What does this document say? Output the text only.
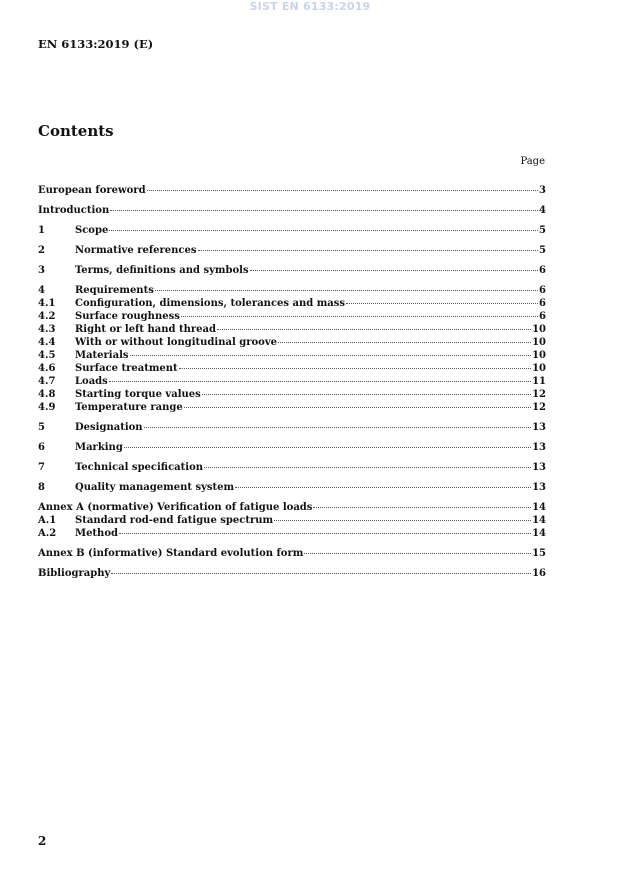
SIST EN 6133:2019
EN 6133:2019 (E)
Contents
Page
European foreword	3
Introduction	4
1	Scope	5
2	Normative references	5
3	Terms, definitions and symbols	6
4	Requirements	6
4.1	Configuration, dimensions, tolerances and mass	6
4.2	Surface roughness	6
4.3	Right or left hand thread	10
4.4	With or without longitudinal groove	10
4.5	Materials	10
4.6	Surface treatment	10
4.7	Loads	11
4.8	Starting torque values	12
4.9	Temperature range	12
5	Designation	13
6	Marking	13
7	Technical specification	13
8	Quality management system	13
Annex A (normative) Verification of fatigue loads	14
A.1	Standard rod-end fatigue spectrum	14
A.2	Method	14
Annex B (informative) Standard evolution form	15
Bibliography	16
2
